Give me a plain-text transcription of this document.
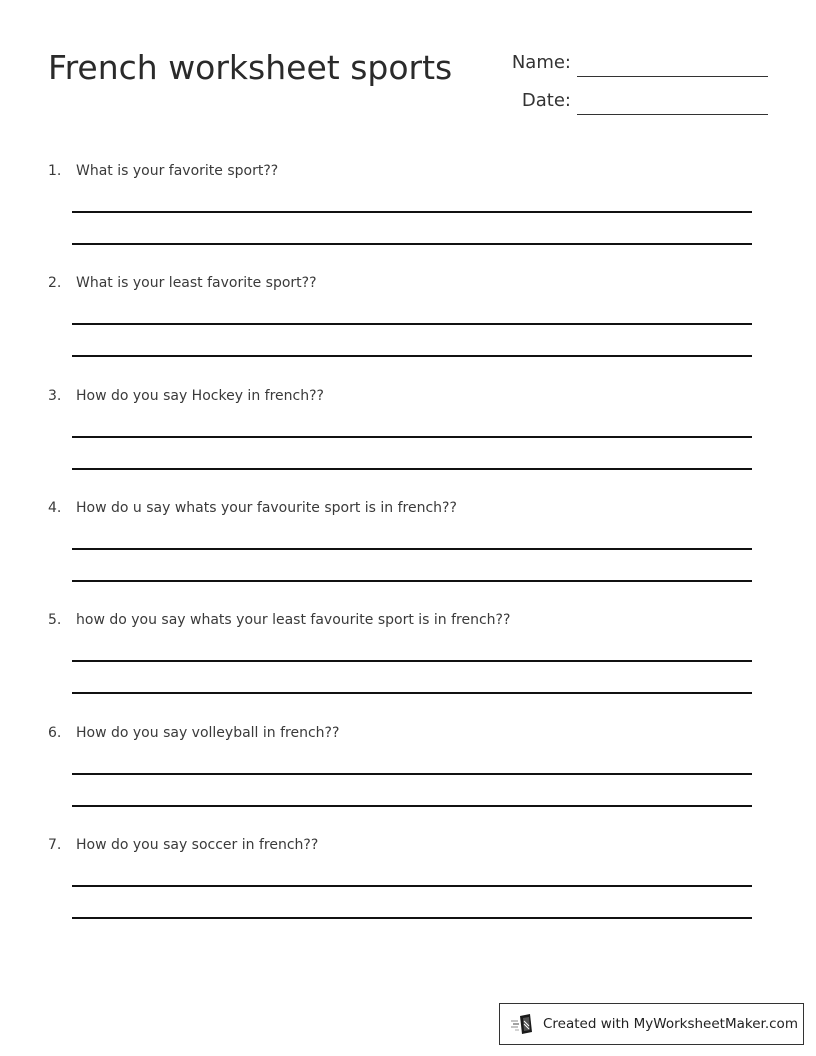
French worksheet sports	Name:
Date:
1. What is your favorite sport??
2. What is your least favorite sport??
3. How do you say Hockey in french??
4. How do u say whats your favourite sport is in french??
5. how do you say whats your least favourite sport is in french??
6. How do you say volleyball in french??
7. How do you say soccer in french??
Created with MyWorksheetMaker.com
